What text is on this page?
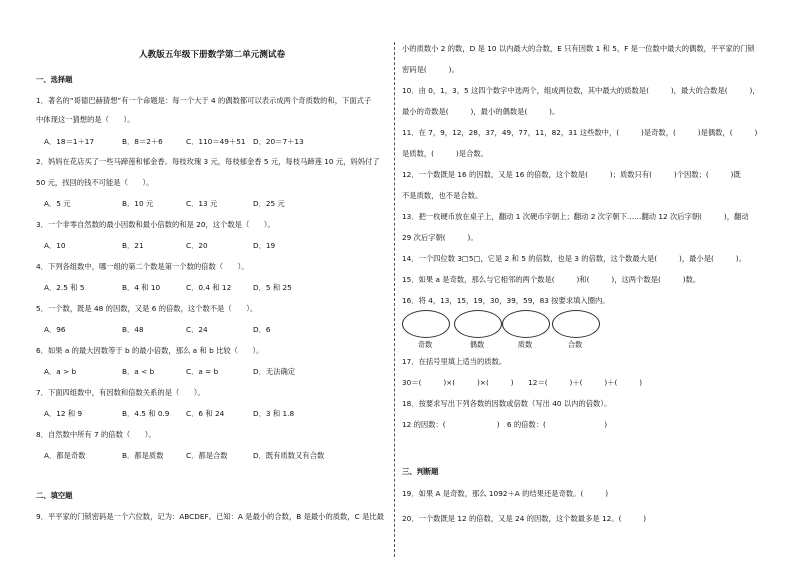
人教版五年级下册数学第二单元测试卷
一、选择题
1．著名的“哥德巴赫猜想”有一个命题是：每一个大于 4 的偶数都可以表示成两个奇质数的和，下面式子
中体现这一猜想的是（　　）。
A．18＝1＋17	B．8＝2＋6	C．110＝49＋51 D．20＝7＋13
2．妈妈在花店买了一些马蹄莲和郁金香。每枝玫瑰 3 元，每枝郁金香 5 元，每枝马蹄莲 10 元，妈妈付了
50 元，找回的钱不可能是（　　）。
A．5 元	B．10 元	C．13 元	D．25 元
3．一个非零自然数的最小因数和最小倍数的和是 20，这个数是（　　）。
A．10	B．21	C．20	D．19
4．下列各组数中，哪一组的第二个数是第一个数的倍数（　　）。
A．2.5 和 5	B．4 和 10	C．0.4 和 12	D．5 和 25
5．一个数，既是 48 的因数，又是 6 的倍数，这个数不是（　　）。
A．96	B．48	C．24	D．6
6．如果 a 的最大因数等于 b 的最小倍数，那么 a 和 b 比较（　　）。
A．a > b	B．a < b	C．a = b	D．无法确定
7．下面四组数中，有因数和倍数关系的是（　　）。
A．12 和 9	B．4.5 和 0.9 C．6 和 24	D．3 和 1.8
8．自然数中所有 7 的倍数（　　）。
A．都是奇数	B．都是质数	C．都是合数	D．既有质数又有合数
二、填空题
9．平平家的门锁密码是一个六位数，记为：ABCDEF。已知：A 是最小的合数，B 是最小的质数，C 是比最
小的质数小 2 的数，D 是 10 以内最大的合数，E 只有因数 1 和 5，F 是一位数中最大的偶数，平平家的门锁
密码是(　　　)。
10．由 0，1，3，5 这四个数字中选两个，组成两位数，其中最大的质数是(　　　)，最大的合数是(　　　)，
最小的奇数是(　　　)，最小的偶数是(　　　)。
11．在 7，9，12，28，37，49，77，11，82，31 这些数中，(　　　)是奇数，(　　　)是偶数，(　　　)
是质数，(　　　)是合数。
12．一个数既是 16 的因数，又是 16 的倍数，这个数是(　　　)；质数只有(　　　)个因数；(　　　)既
不是质数，也不是合数。
13．把一枚硬币放在桌子上，翻动 1 次硬币字朝上；翻动 2 次字朝下……翻动 12 次后字朝(　　　)，翻动
29 次后字朝(　　　)。
14．一个四位数 3□5□，它是 2 和 5 的倍数，也是 3 的倍数，这个数最大是(　　　)，最小是(　　　)。
15．如果 a 是奇数，那么与它相邻的两个数是(　　　)和(　　　)，这两个数是(　　　)数。
16．将 4，13，15，19，30，39，59，83 按要求填入圈内。
奇数	偶数	质数	合数
17．在括号里填上适当的质数。
30＝(　　　)×(　　　)×(　　　)　　12＝(　　　)＋(　　　)＋(　　　)
18．按要求写出下列各数的因数或倍数（写出 40 以内的倍数）。
12 的因数：(　　　　　　　)　6 的倍数：(　　　　　　　　)
三、判断题
19．如果 A 是奇数，那么 1092＋A 的结果还是奇数。(　　　)
20．一个数既是 12 的倍数，又是 24 的因数，这个数最多是 12。(　　　)
